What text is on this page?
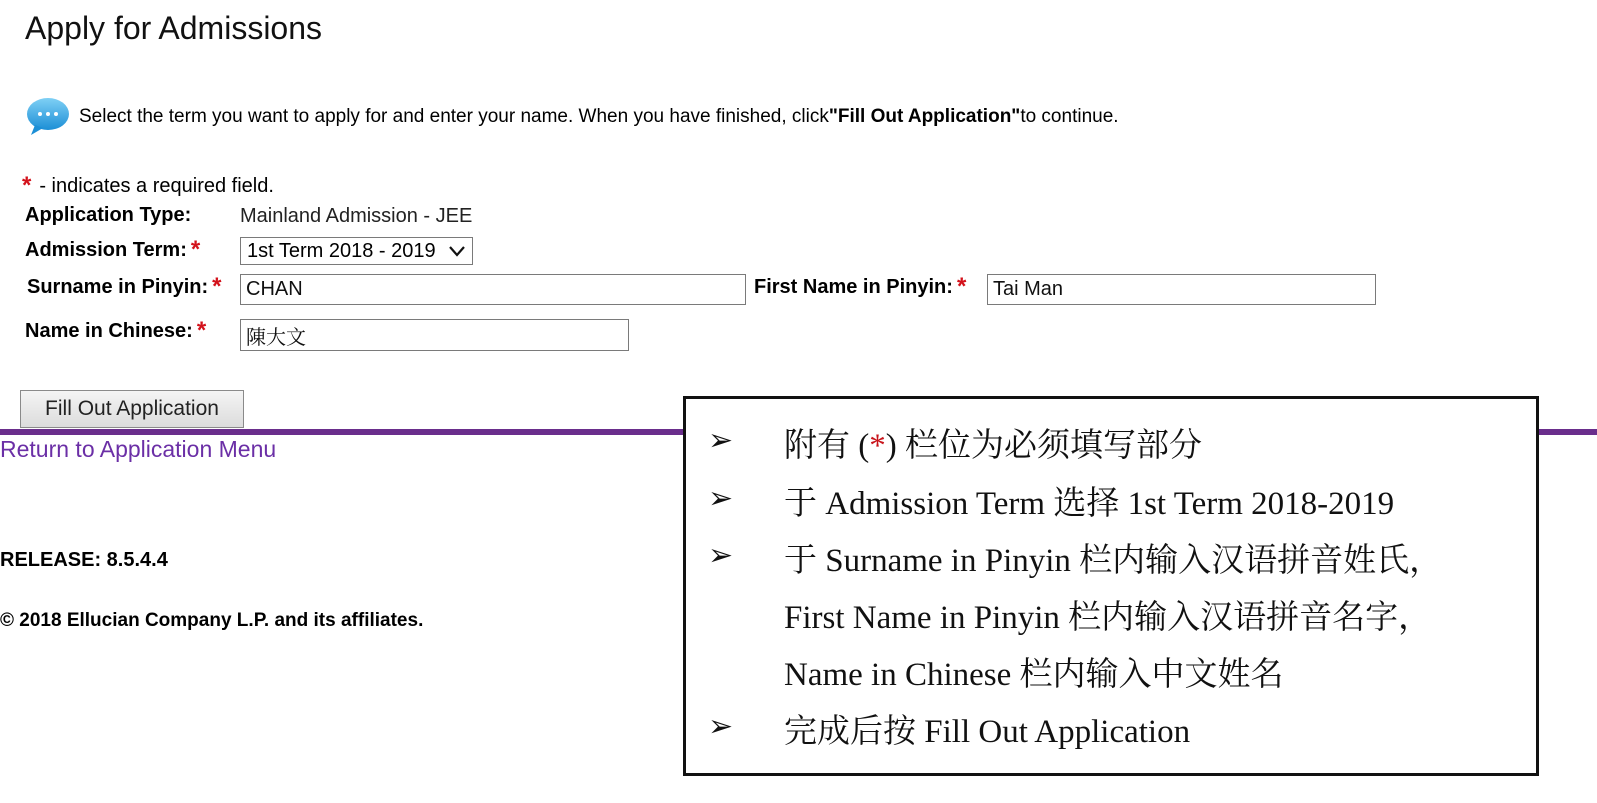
Apply for Admissions
Select the term you want to apply for and enter your name. When you have finished, click "Fill Out Application" to continue.
* - indicates a required field.
Application Type: Mainland Admission - JEE
Admission Term: * 1st Term 2018 - 2019
Surname in Pinyin: *
CHAN	First Name in Pinyin: *
Tai Man
Name in Chinese: *
陳大文
Fill Out Application
Return to Application Menu
RELEASE: 8.5.4.4
© 2018 Ellucian Company L.P. and its affiliates.
➢ 附有 (*) 栏位为必须填写部分
➢ 于 Admission Term 选择 1st Term 2018-2019
➢ 于 Surname in Pinyin 栏内输入汉语拼音姓氏，
First Name in Pinyin 栏内输入汉语拼音名字，
Name in Chinese 栏内输入中文姓名
➢ 完成后按 Fill Out Application
